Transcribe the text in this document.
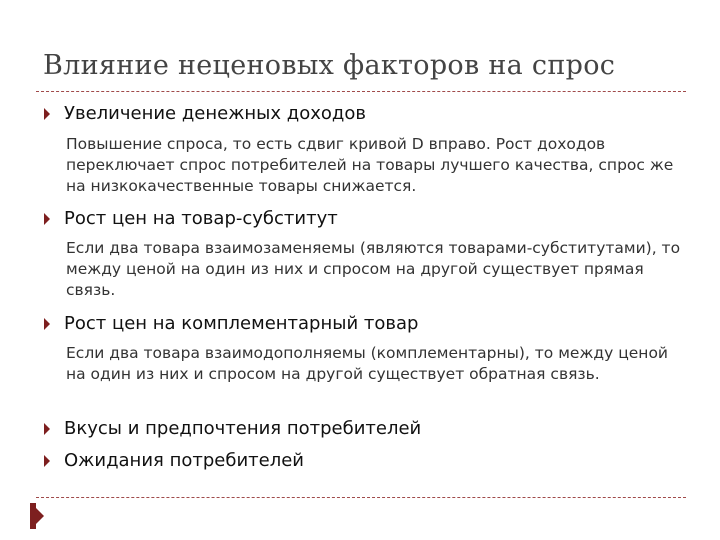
Влияние неценовых факторов на спрос
Увеличение денежных доходов
Повышение спроса, то есть сдвиг кривой D вправо. Рост доходов переключает спрос потребителей на товары лучшего качества, спрос же на низкокачественные товары снижается.
Рост цен на товар-субститут
Если два товара взаимозаменяемы (являются товарами-субститутами), то между ценой на один из них и спросом на другой существует прямая связь.
Рост цен на комплементарный товар
Если два товара взаимодополняемы (комплементарны), то между ценой на один из них и спросом на другой существует обратная связь.
Вкусы и предпочтения потребителей
Ожидания потребителей
